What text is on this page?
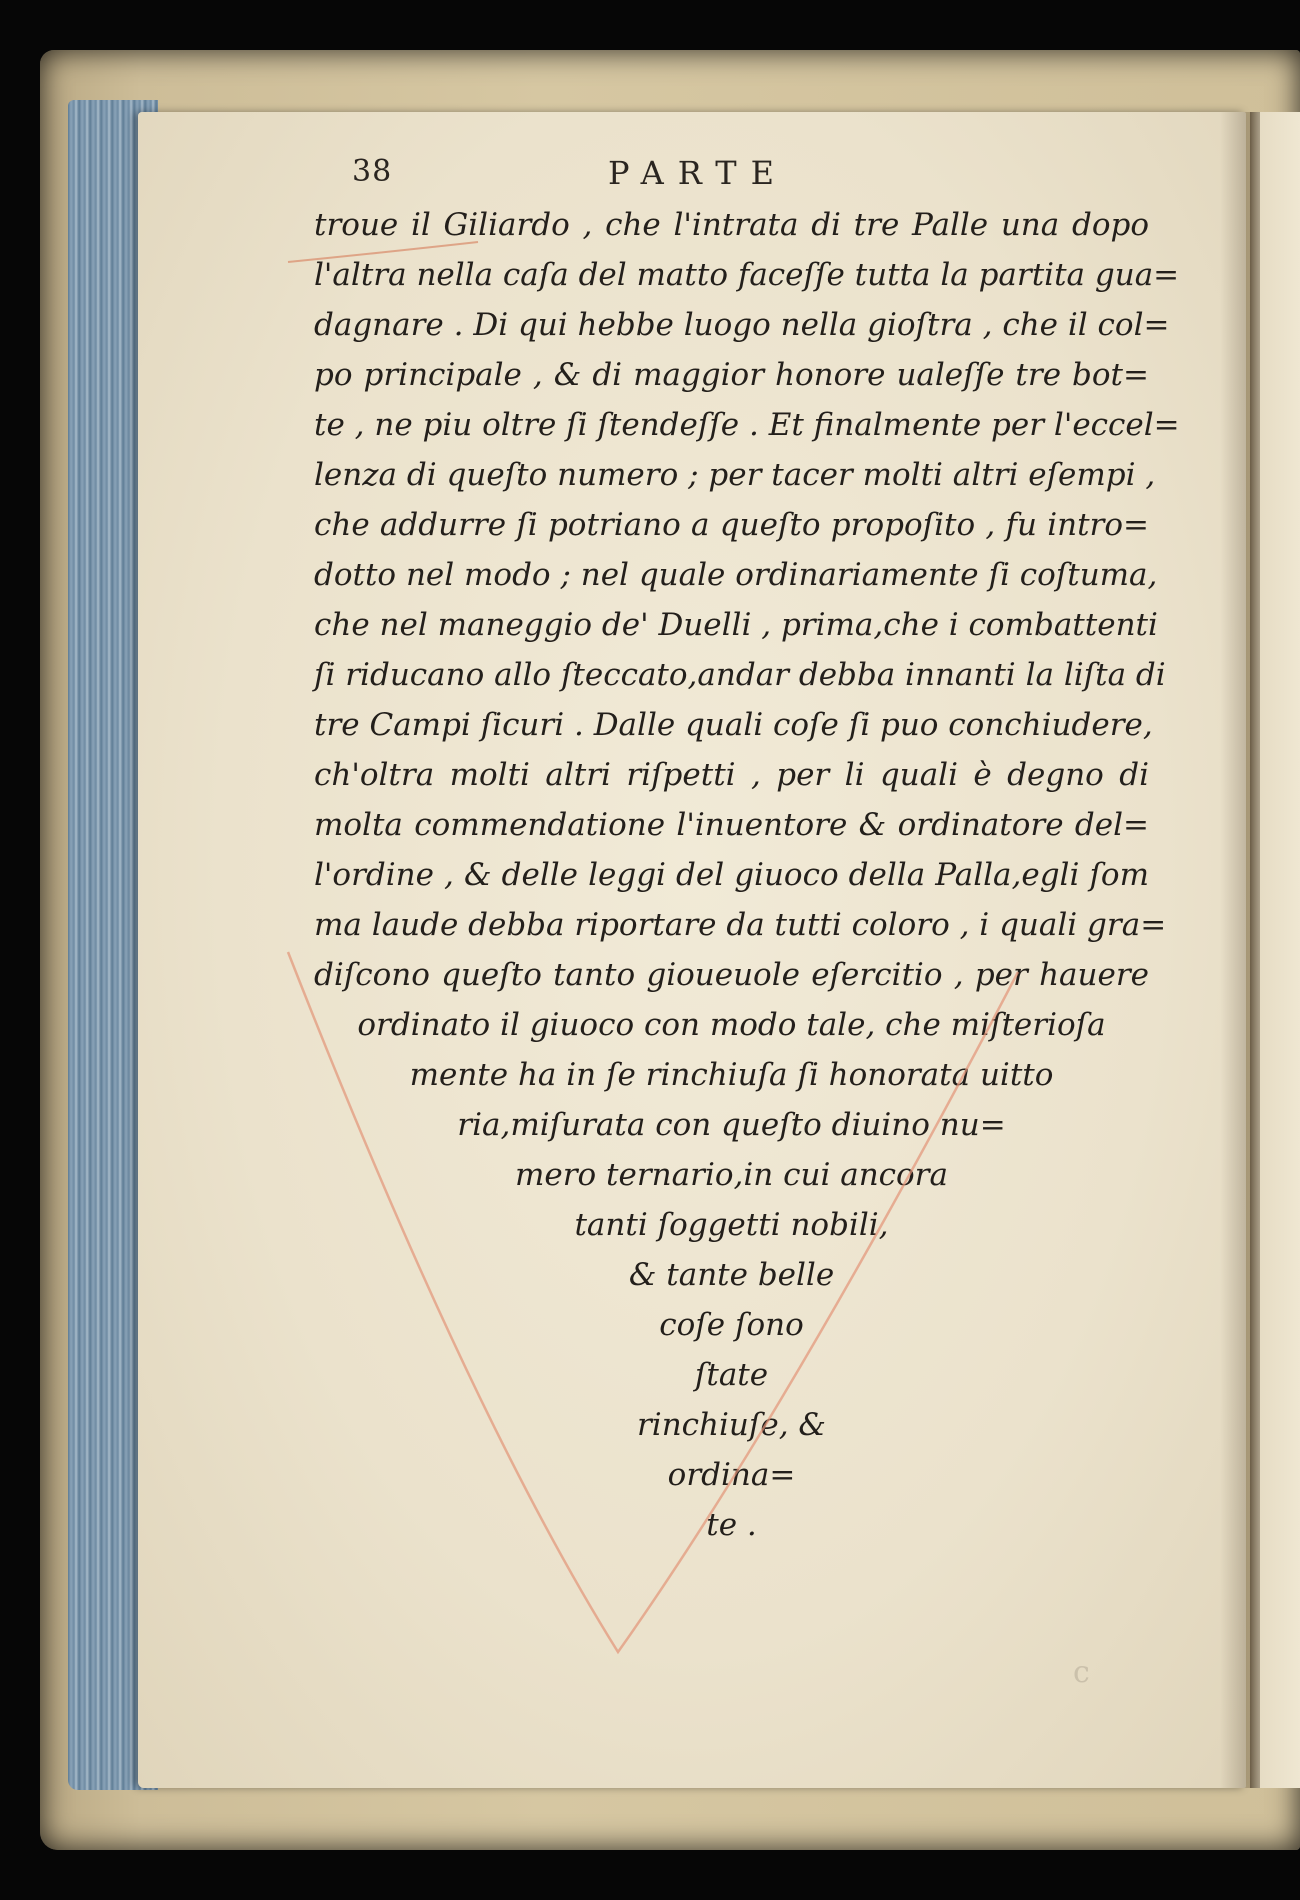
38	PARTE
troue il Giliardo , che l'intrata di tre Palle una dopo
l'altra nella caſa del matto faceſſe tutta la partita gua=
dagnare . Di qui hebbe luogo nella gioſtra , che il col=
po principale , & di maggior honore ualeſſe tre bot=
te , ne piu oltre ſi ſtendeſſe . Et finalmente per l'eccel=
lenza di queſto numero ; per tacer molti altri eſempi ,
che addurre ſi potriano a queſto propoſito , fu intro=
dotto nel modo ; nel quale ordinariamente ſi coſtuma,
che nel maneggio de' Duelli , prima,che i combattenti
ſi riducano allo ſteccato,andar debba innanti la liſta di
tre Campi ſicuri . Dalle quali coſe ſi puo conchiudere,
ch'oltra molti altri riſpetti , per li quali è degno di
molta commendatione l'inuentore & ordinatore del=
l'ordine , & delle leggi del giuoco della Palla,egli ſom
ma laude debba riportare da tutti coloro , i quali gra=
diſcono queſto tanto gioueuole eſercitio , per hauere
ordinato il giuoco con modo tale, che miſterioſa
mente ha in ſe rinchiuſa ſi honorata uitto
ria,miſurata con queſto diuino nu=
mero ternario,in cui ancora
tanti ſoggetti nobili,
& tante belle
coſe ſono
ſtate
rinchiuſe, &
ordina=
te .
c
